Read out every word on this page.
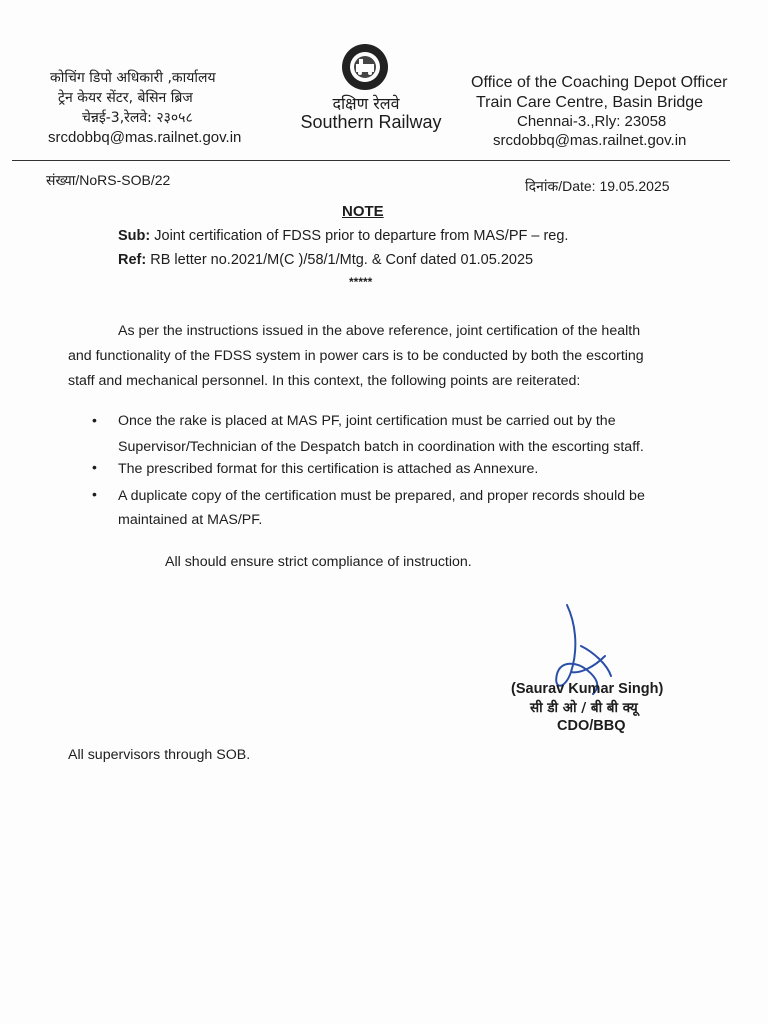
कोचिंग डिपो अधिकारी ,कार्यालय
ट्रेन केयर सेंटर, बेसिन ब्रिज
चेन्नई-3,रेलवे: २३०५८
srcdobbq@mas.railnet.gov.in
दक्षिण रेलवे
Southern Railway
Office of the Coaching Depot Officer
Train Care Centre, Basin Bridge
Chennai-3.,Rly: 23058
srcdobbq@mas.railnet.gov.in
संख्या/NoRS-SOB/22	दिनांक/Date: 19.05.2025
NOTE
Sub: Joint certification of FDSS prior to departure from MAS/PF – reg.
Ref: RB letter no.2021/M(C )/58/1/Mtg. & Conf dated 01.05.2025
*****
As per the instructions issued in the above reference, joint certification of the health
and functionality of the FDSS system in power cars is to be conducted by both the escorting
staff and mechanical personnel. In this context, the following points are reiterated:
• Once the rake is placed at MAS PF, joint certification must be carried out by the
Supervisor/Technician of the Despatch batch in coordination with the escorting staff.
• The prescribed format for this certification is attached as Annexure.
• A duplicate copy of the certification must be prepared, and proper records should be
maintained at MAS/PF.
All should ensure strict compliance of instruction.
(Saurav Kumar Singh)
सी डी ओ / बी बी क्यू
CDO/BBQ
All supervisors through SOB.
